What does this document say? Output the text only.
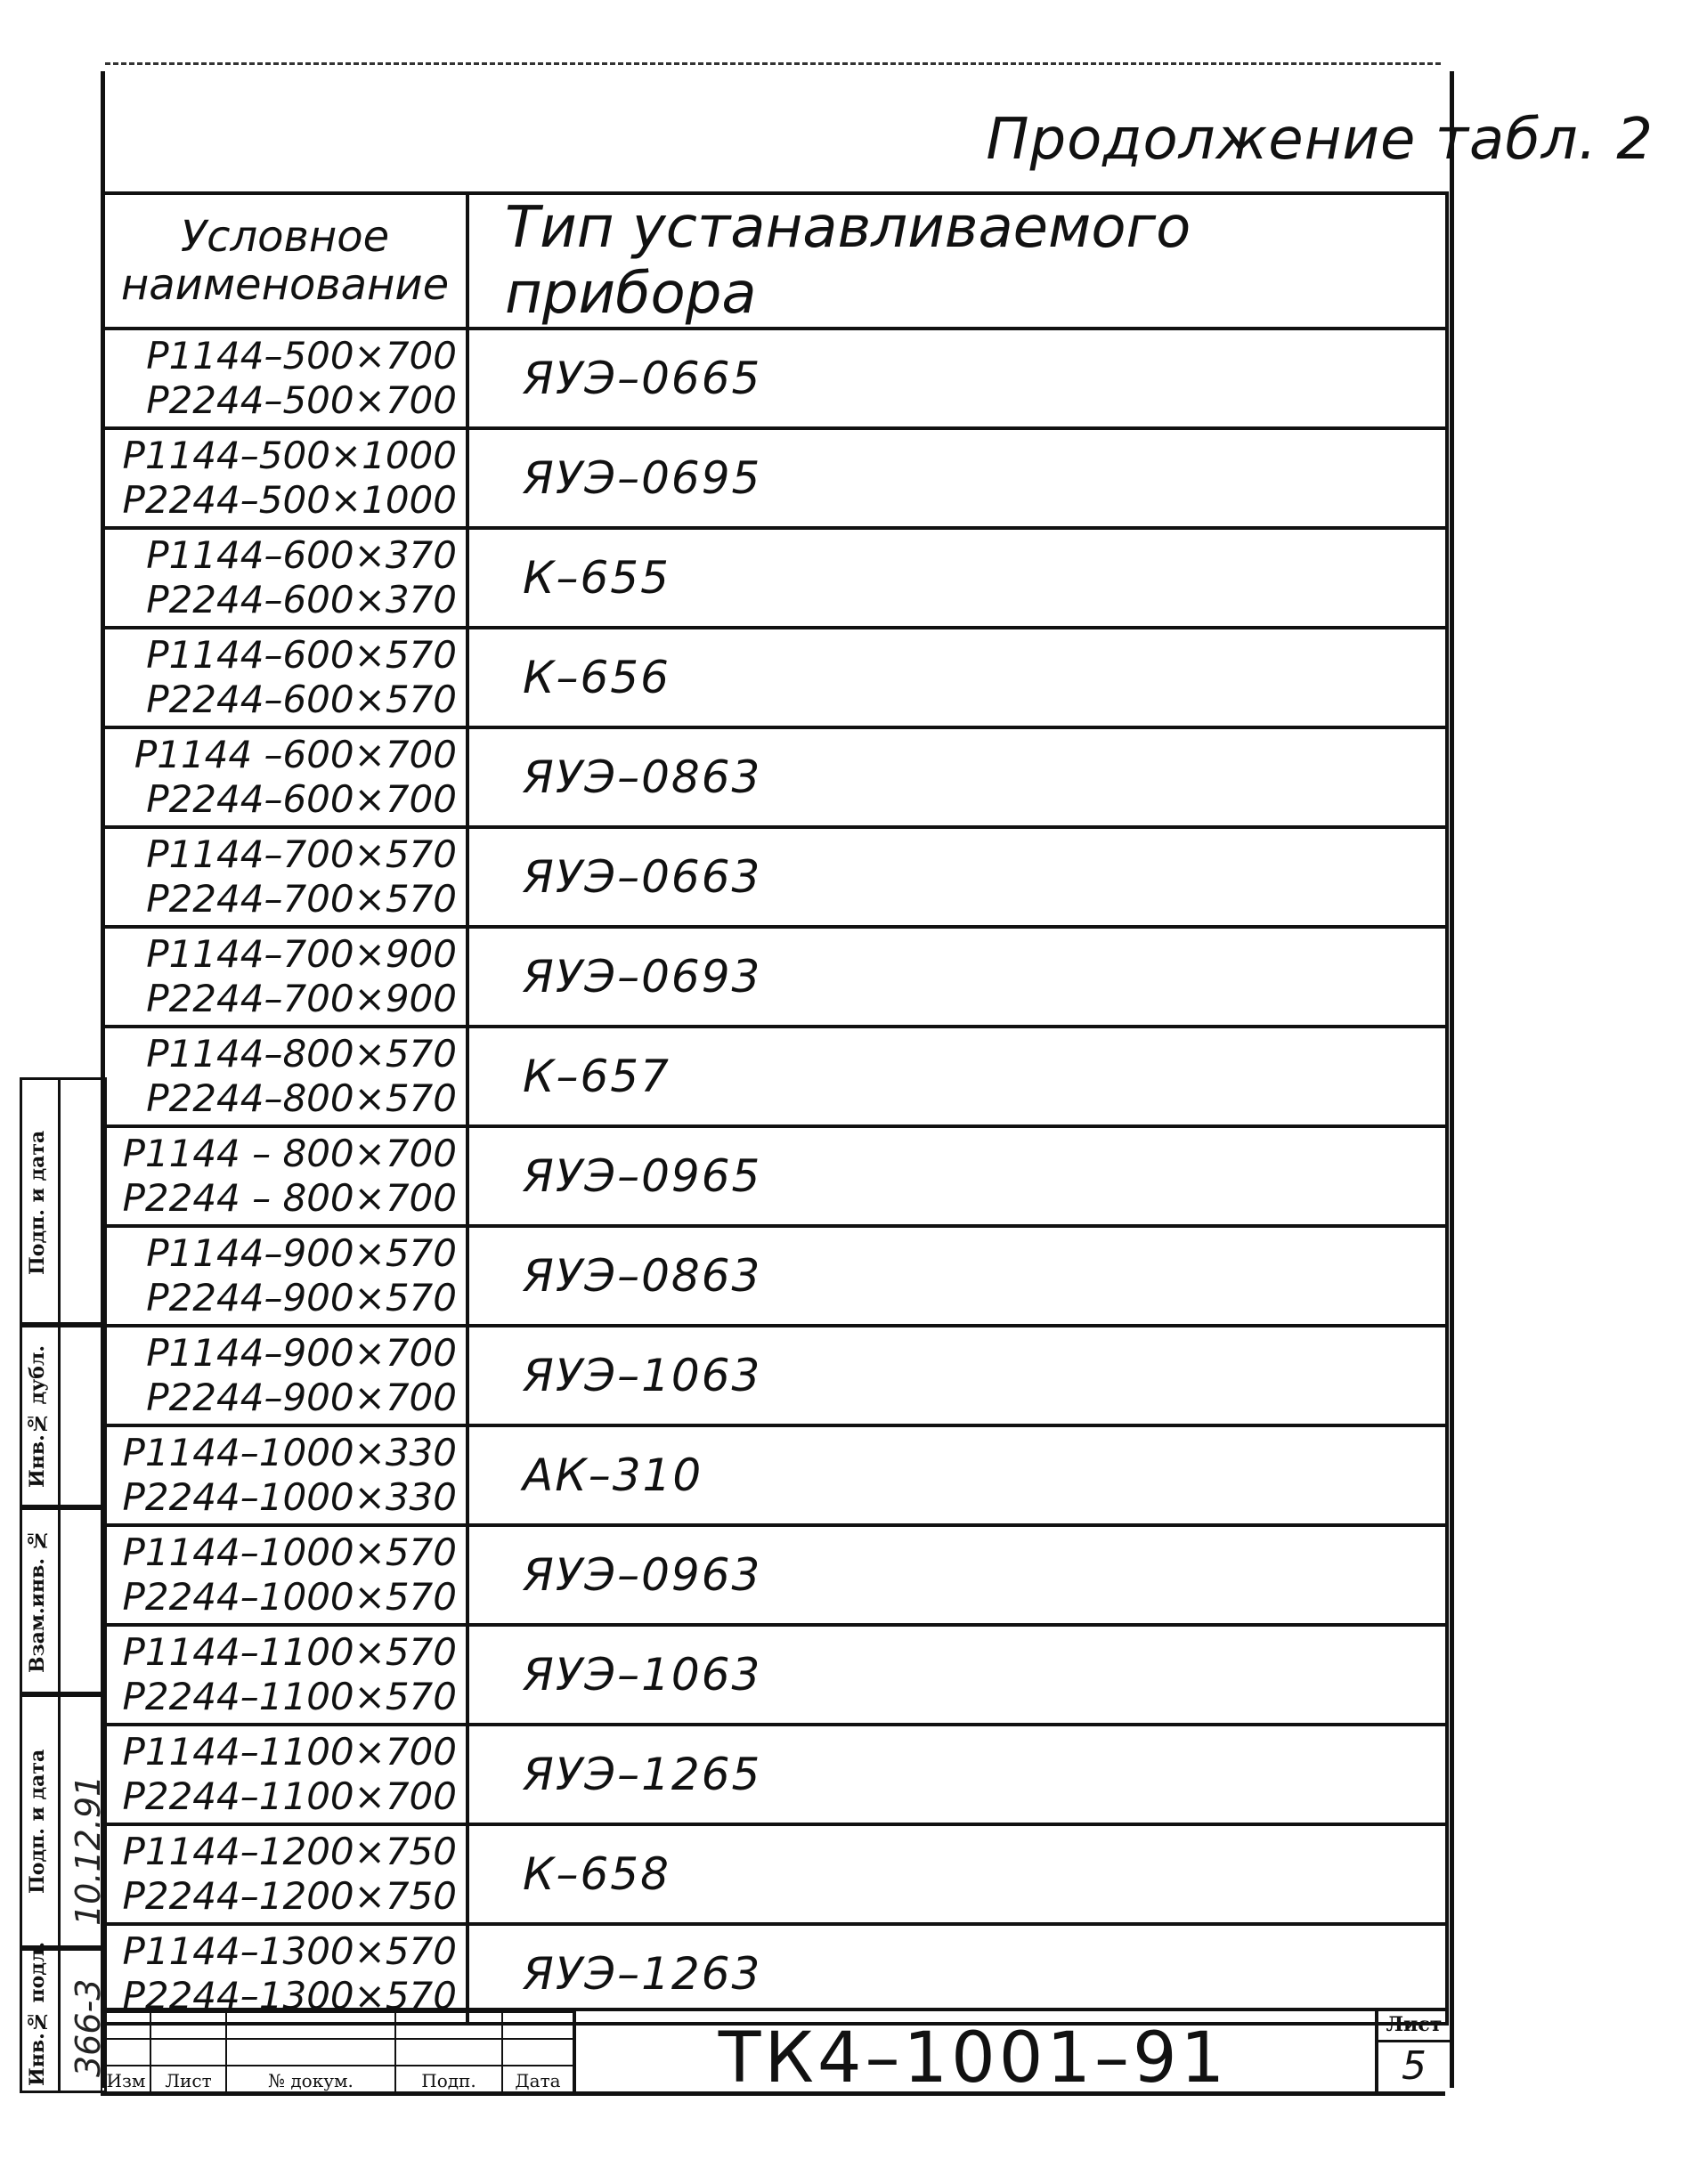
Продолжение табл. 2
Условное наименование	Тип устанавливаемого прибора

Р1144–500×700
Р2244–500×700	ЯУЭ–0665

Р1144–500×1000
Р2244–500×1000	ЯУЭ–0695

Р1144–600×370
Р2244–600×370	К–655

Р1144–600×570
Р2244–600×570	К–656

Р1144 –600×700
Р2244–600×700	ЯУЭ–0863

Р1144–700×570
Р2244–700×570	ЯУЭ–0663

Р1144–700×900
Р2244–700×900	ЯУЭ–0693

Р1144–800×570
Р2244–800×570	К–657

Р1144 – 800×700
Р2244 – 800×700	ЯУЭ–0965

Р1144–900×570
Р2244–900×570	ЯУЭ–0863

Р1144–900×700
Р2244–900×700	ЯУЭ–1063

Р1144–1000×330
Р2244–1000×330	АК–310

Р1144–1000×570
Р2244–1000×570	ЯУЭ–0963

Р1144–1100×570
Р2244–1100×570	ЯУЭ–1063

Р1144–1100×700
Р2244–1100×700	ЯУЭ–1265

Р1144–1200×750
Р2244–1200×750	К–658

Р1144–1300×570
Р2244–1300×570	ЯУЭ–1263
Подп. и дата
Инв.№ дубл.
Взам.инв. №
Подп. и дата 10.12.91
Инв.№ подл. 366-3

Изм	Лист	№ докум.	Подп.	Дата	ТК4–1001–91	Лист
5
